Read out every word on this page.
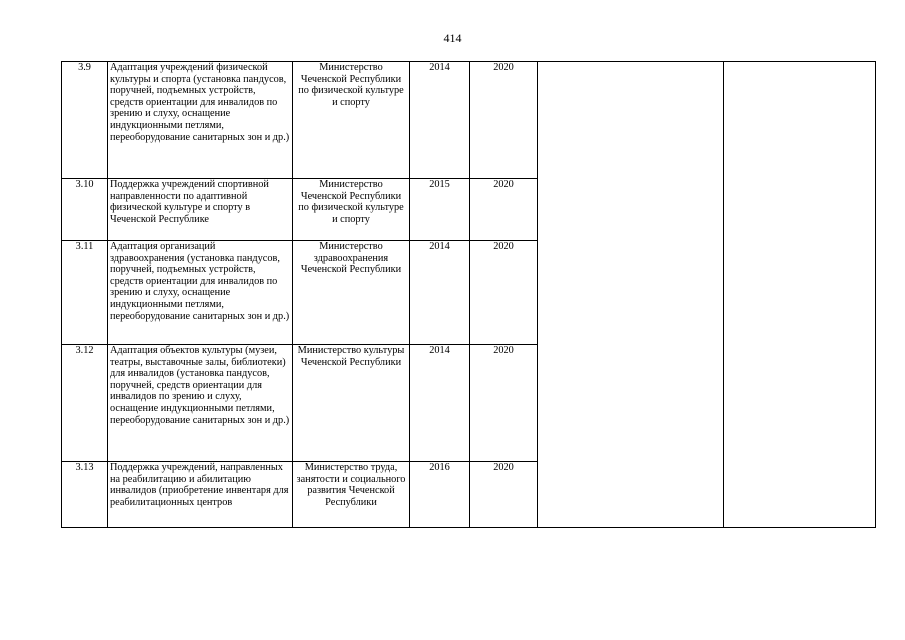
414
3.9	Адаптация учреждений физической культуры и спорта (установка пандусов, поручней, подъемных устройств, средств ориентации для инвалидов по зрению и слуху, оснащение индукционными петлями, переоборудование санитарных зон и др.)	Министерство Чеченской Республики по физической культуре и спорту	2014	2020		
3.10	Поддержка учреждений спортивной направленности по адаптивной физической культуре и спорту в Чеченской Республике	Министерство Чеченской Республики по физической культуре и спорту	2015	2020		
3.11	Адаптация организаций здравоохранения (установка пандусов, поручней, подъемных устройств, средств ориентации для инвалидов по зрению и слуху, оснащение индукционными петлями, переоборудование санитарных зон и др.)	Министерство здравоохранения Чеченской Республики	2014	2020		
3.12	Адаптация объектов культуры (музеи, театры, выставочные залы, библиотеки) для инвалидов (установка пандусов, поручней, средств ориентации для инвалидов по зрению и слуху, оснащение индукционными петлями, переоборудование санитарных зон и др.)	Министерство культуры Чеченской Республики	2014	2020		
3.13	Поддержка учреждений, направленных на реабилитацию и абилитацию инвалидов (приобретение инвентаря для реабилитационных центров	Министерство труда, занятости и социального развития Чеченской Республики	2016	2020		
